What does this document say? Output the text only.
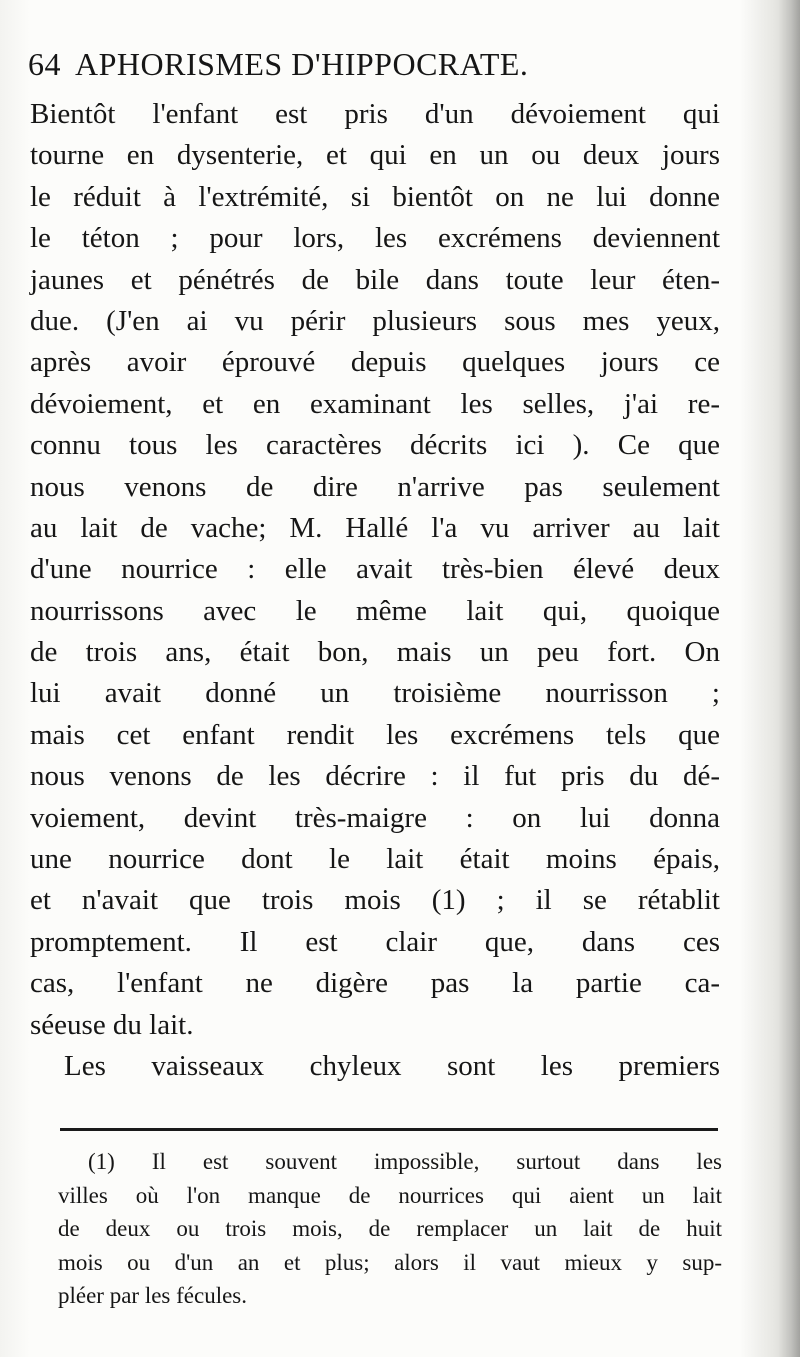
64 APHORISMES D'HIPPOCRATE.
Bientôt l'enfant est pris d'un dévoiement qui
tourne en dysenterie, et qui en un ou deux jours
le réduit à l'extrémité, si bientôt on ne lui donne
le téton ; pour lors, les excrémens deviennent
jaunes et pénétrés de bile dans toute leur éten-
due. (J'en ai vu périr plusieurs sous mes yeux,
après avoir éprouvé depuis quelques jours ce
dévoiement, et en examinant les selles, j'ai re-
connu tous les caractères décrits ici ). Ce que
nous venons de dire n'arrive pas seulement
au lait de vache; M. Hallé l'a vu arriver au lait
d'une nourrice : elle avait très-bien élevé deux
nourrissons avec le même lait qui, quoique
de trois ans, était bon, mais un peu fort. On
lui avait donné un troisième nourrisson ;
mais cet enfant rendit les excrémens tels que
nous venons de les décrire : il fut pris du dé-
voiement, devint très-maigre : on lui donna
une nourrice dont le lait était moins épais,
et n'avait que trois mois (1) ; il se rétablit
promptement. Il est clair que, dans ces
cas, l'enfant ne digère pas la partie ca-
séeuse du lait.
Les vaisseaux chyleux sont les premiers
(1) Il est souvent impossible, surtout dans les
villes où l'on manque de nourrices qui aient un lait
de deux ou trois mois, de remplacer un lait de huit
mois ou d'un an et plus; alors il vaut mieux y sup-
pléer par les fécules.
